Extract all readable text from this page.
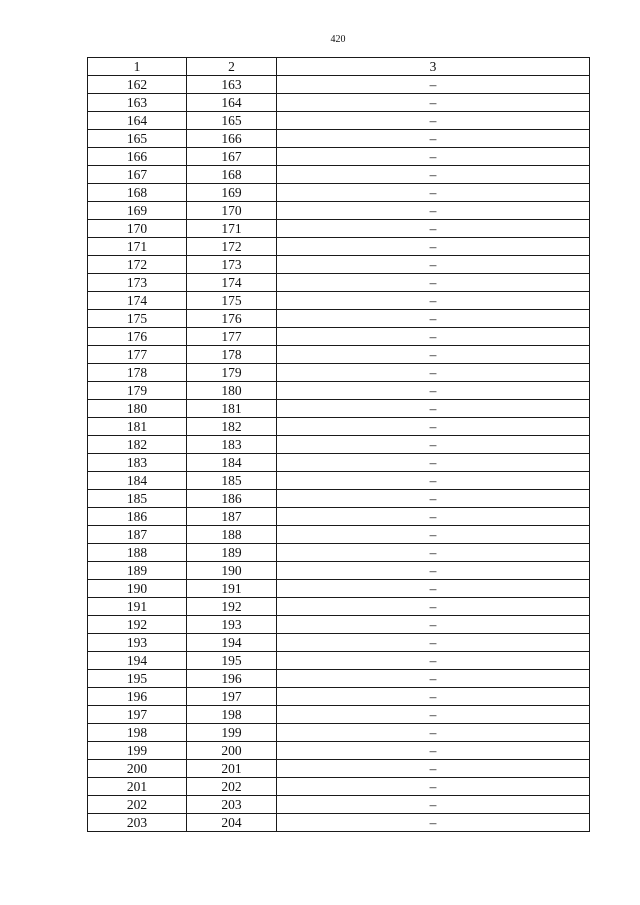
420
1	2	3
162	163	–
163	164	–
164	165	–
165	166	–
166	167	–
167	168	–
168	169	–
169	170	–
170	171	–
171	172	–
172	173	–
173	174	–
174	175	–
175	176	–
176	177	–
177	178	–
178	179	–
179	180	–
180	181	–
181	182	–
182	183	–
183	184	–
184	185	–
185	186	–
186	187	–
187	188	–
188	189	–
189	190	–
190	191	–
191	192	–
192	193	–
193	194	–
194	195	–
195	196	–
196	197	–
197	198	–
198	199	–
199	200	–
200	201	–
201	202	–
202	203	–
203	204	–
